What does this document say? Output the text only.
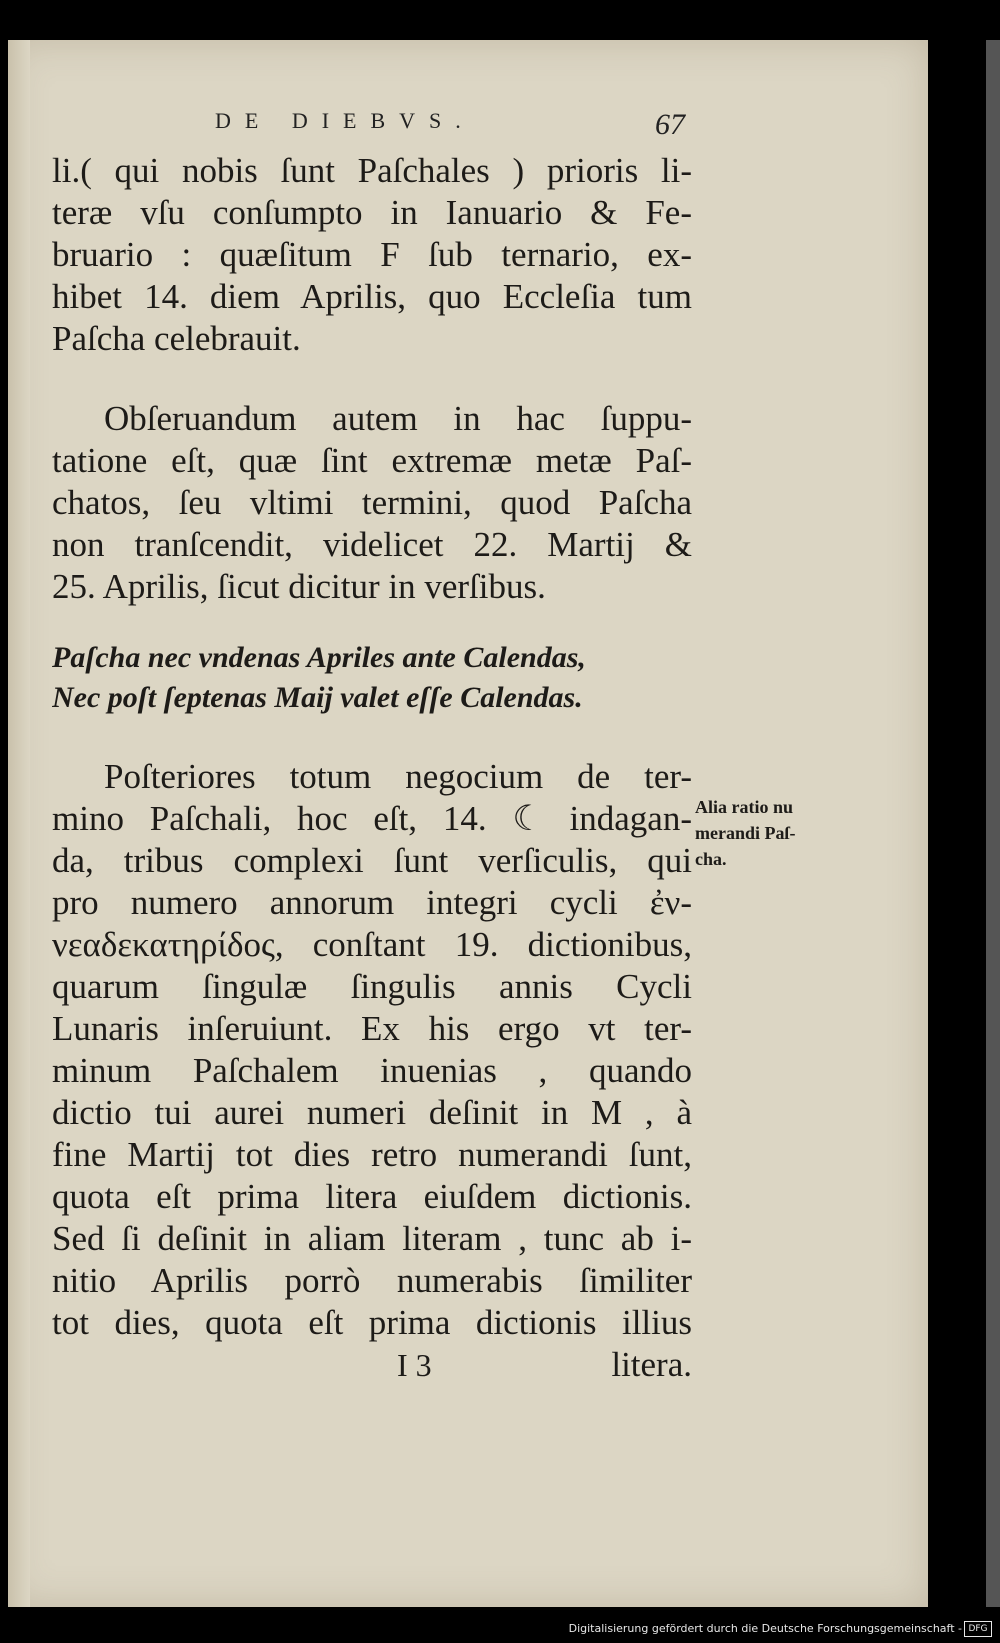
DE DIEBVS.	67
li.( qui nobis ſunt Paſchales ) prioris li-
teræ vſu conſumpto in Ianuario & Fe-
bruario : quæſitum F ſub ternario, ex-
hibet 14. diem Aprilis, quo Eccleſia tum
Paſcha celebrauit.
Obſeruandum autem in hac ſuppu-
tatione eſt, quæ ſint extremæ metæ Paſ-
chatos, ſeu vltimi termini, quod Paſcha
non tranſcendit, videlicet 22. Martij &
25. Aprilis, ſicut dicitur in verſibus.
Paſcha nec vndenas Apriles ante Calendas,
Nec poſt ſeptenas Maij valet eſſe Calendas.
Poſteriores totum negocium de ter-
mino Paſchali, hoc eſt, 14. ☾ indagan-
da, tribus complexi ſunt verſiculis, qui
pro numero annorum integri cycli ἐν-
νεαδεκατηρίδος, conſtant 19. dictionibus,
quarum ſingulæ ſingulis annis Cycli
Lunaris inſeruiunt. Ex his ergo vt ter-
minum Paſchalem inuenias , quando
dictio tui aurei numeri deſinit in M , à
fine Martij tot dies retro numerandi ſunt,
quota eſt prima litera eiuſdem dictionis.
Sed ſi deſinit in aliam literam , tunc ab i-
nitio Aprilis porrò numerabis ſimiliter
tot dies, quota eſt prima dictionis illius
I 3	litera.
Alia ratio nu
merandi Paſ-
cha.
Digitalisierung gefördert durch die Deutsche Forschungsgemeinschaft - DFG
